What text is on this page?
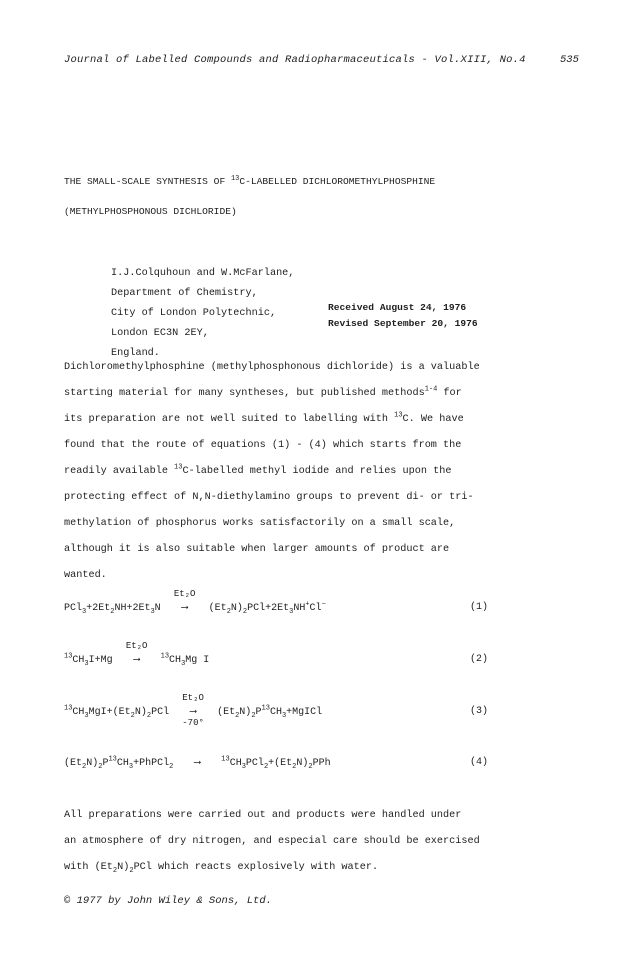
Journal of Labelled Compounds and Radiopharmaceuticals - Vol.XIII, No.4	535
THE SMALL-SCALE SYNTHESIS OF $^{13}$C-LABELLED DICHLOROMETHYLPHOSPHINE
(METHYLPHOSPHONOUS DICHLORIDE)
I.J.Colquhoun and W.McFarlane,
Department of Chemistry,
City of London Polytechnic,
London EC3N 2EY,
England.
Received August 24, 1976
Revised September 20, 1976
Dichloromethylphosphine (methylphosphonous dichloride) is a valuable
starting material for many syntheses, but published methods$^{1-4}$ for
its preparation are not well suited to labelling with $^{13}$C. We have
found that the route of equations (1) - (4) which starts from the
readily available $^{13}$C-labelled methyl iodide and relies upon the
protecting effect of N,N-diethylamino groups to prevent di- or tri-
methylation of phosphorus works satisfactorily on a small scale,
although it is also suitable when larger amounts of product are
wanted.
$PCl_3+2Et_2NH+2Et_3N$
Et₂O
⟶ $(Et_2N)_2PCl+2Et_3NH^+Cl^-$	(1)
$^{13}CH_3I+Mg$
Et₂O
⟶	$^{13}CH_3Mg$ I	(2)
$^{13}CH_3MgI+(Et_2N)_2PCl$
Et₂O
⟶
-70°
$(Et_2N)_2P^{13}CH_3+MgICl$	(3)
$(Et_2N)_2P^{13}CH_3+PhPCl_2$ ⟶	$^{13}CH_3PCl_2+(Et_2N)_2PPh$	(4)
All preparations were carried out and products were handled under
an atmosphere of dry nitrogen, and especial care should be exercised
with $(Et_2N)_2PCl$ which reacts explosively with water.
© 1977 by John Wiley & Sons, Ltd.
